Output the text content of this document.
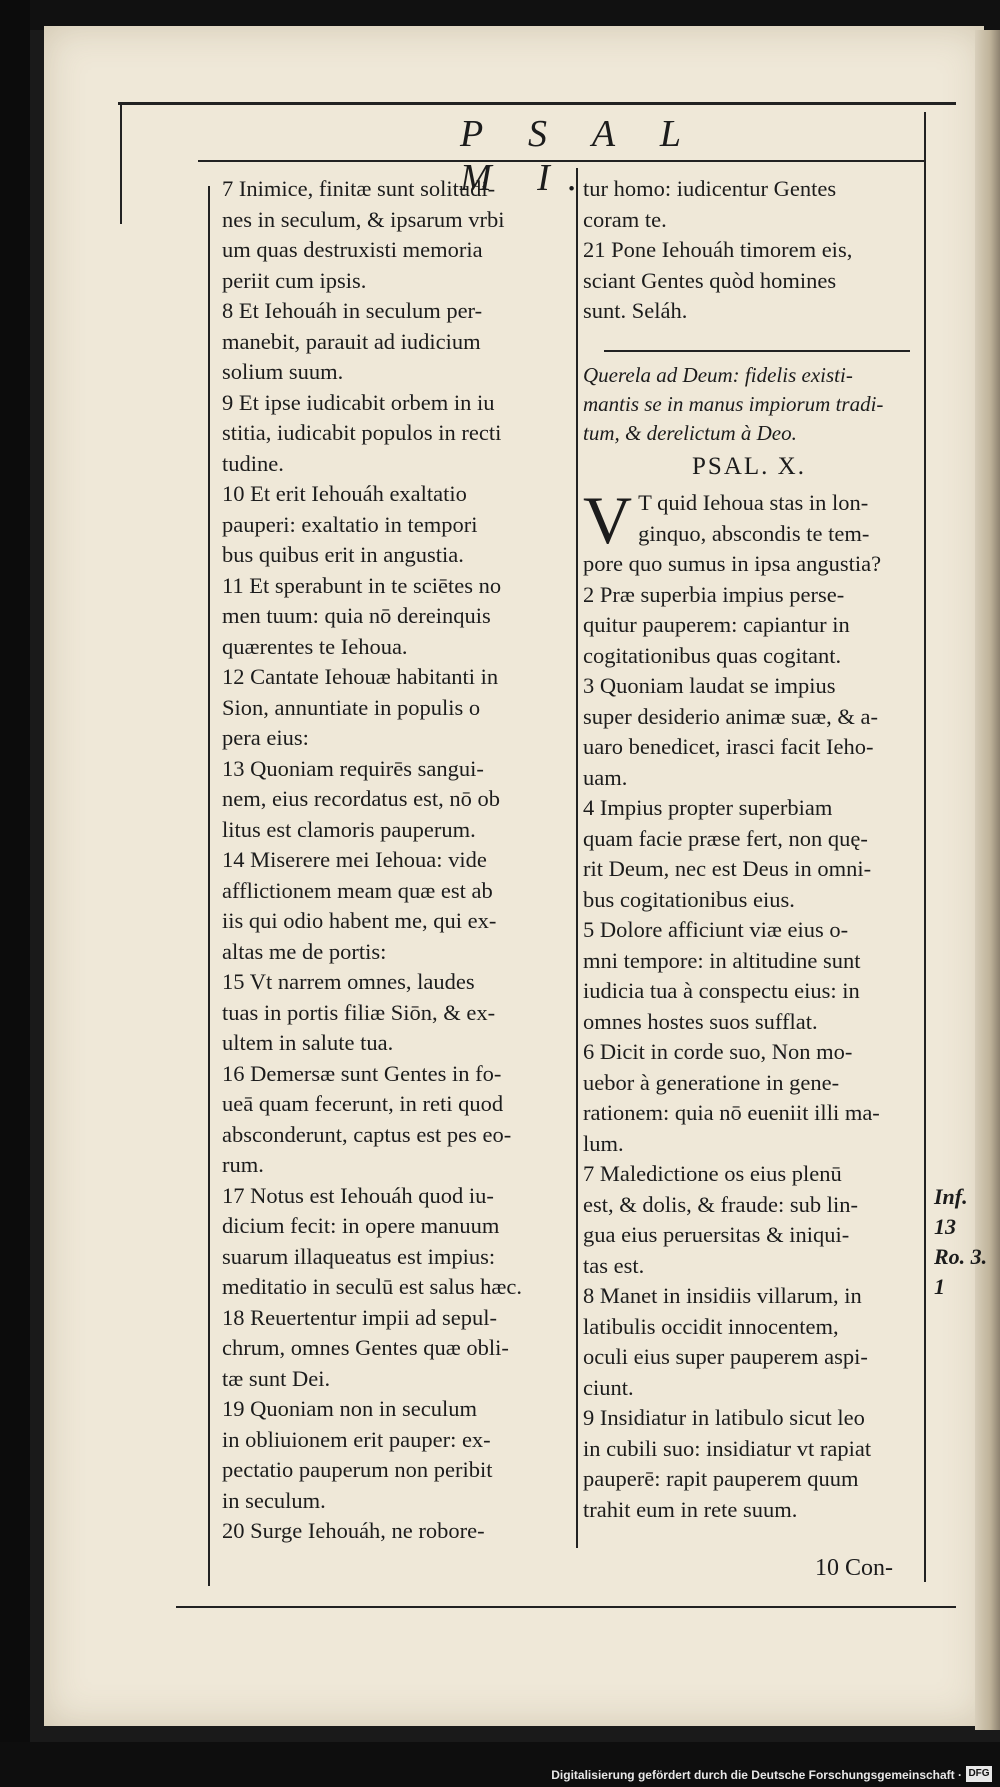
P S A L M I.
7 Inimice, finitæ sunt solitudi-
nes in seculum, & ipsarum vrbi
um quas destruxisti memoria
periit cum ipsis.
8 Et Iehouáh in seculum per-
manebit, parauit ad iudicium
solium suum.
9 Et ipse iudicabit orbem in iu
stitia, iudicabit populos in recti
tudine.
10 Et erit Iehouáh exaltatio
pauperi: exaltatio in tempori
bus quibus erit in angustia.
11 Et sperabunt in te sciētes no
men tuum: quia nō dereinquis
quærentes te Iehoua.
12 Cantate Iehouæ habitanti in
Sion, annuntiate in populis o
pera eius:
13 Quoniam requirēs sangui-
nem, eius recordatus est, nō ob
litus est clamoris pauperum.
14 Miserere mei Iehoua: vide
afflictionem meam quæ est ab
iis qui odio habent me, qui ex-
altas me de portis:
15 Vt narrem omnes, laudes
tuas in portis filiæ Siōn, & ex-
ultem in salute tua.
16 Demersæ sunt Gentes in fo-
ueā quam fecerunt, in reti quod
absconderunt, captus est pes eo-
rum.
17 Notus est Iehouáh quod iu-
dicium fecit: in opere manuum
suarum illaqueatus est impius:
meditatio in seculū est salus hæc.
18 Reuertentur impii ad sepul-
chrum, omnes Gentes quæ obli-
tæ sunt Dei.
19 Quoniam non in seculum
in obliuionem erit pauper: ex-
pectatio pauperum non peribit
in seculum.
20 Surge Iehouáh, ne robore-
tur homo: iudicentur Gentes
coram te.
21 Pone Iehouáh timorem eis,
sciant Gentes quòd homines
sunt. Seláh.
Querela ad Deum: fidelis existi-
mantis se in manus impiorum tradi-
tum, & derelictum à Deo.
PSAL. X.
V T quid Iehoua stas in lon-
ginquo, abscondis te tem-
pore quo sumus in ipsa angustia?
2 Præ superbia impius perse-
quitur pauperem: capiantur in
cogitationibus quas cogitant.
3 Quoniam laudat se impius
super desiderio animæ suæ, & a-
uaro benedicet, irasci facit Ieho-
uam.
4 Impius propter superbiam
quam facie præse fert, non quę-
rit Deum, nec est Deus in omni-
bus cogitationibus eius.
5 Dolore afficiunt viæ eius o-
mni tempore: in altitudine sunt
iudicia tua à conspectu eius: in
omnes hostes suos sufflat.
6 Dicit in corde suo, Non mo-
uebor à generatione in gene-
rationem: quia nō eueniit illi ma-
lum.
7 Maledictione os eius plenū
est, & dolis, & fraude: sub lin-
gua eius peruersitas & iniqui-
tas est.
8 Manet in insidiis villarum, in
latibulis occidit innocentem,
oculi eius super pauperem aspi-
ciunt.
9 Insidiatur in latibulo sicut leo
in cubili suo: insidiatur vt rapiat
pauperē: rapit pauperem quum
trahit eum in rete suum.
Inf. 13
Ro. 3. 1
10 Con-
Digitalisierung gefördert durch die Deutsche Forschungsgemeinschaft · DFG
